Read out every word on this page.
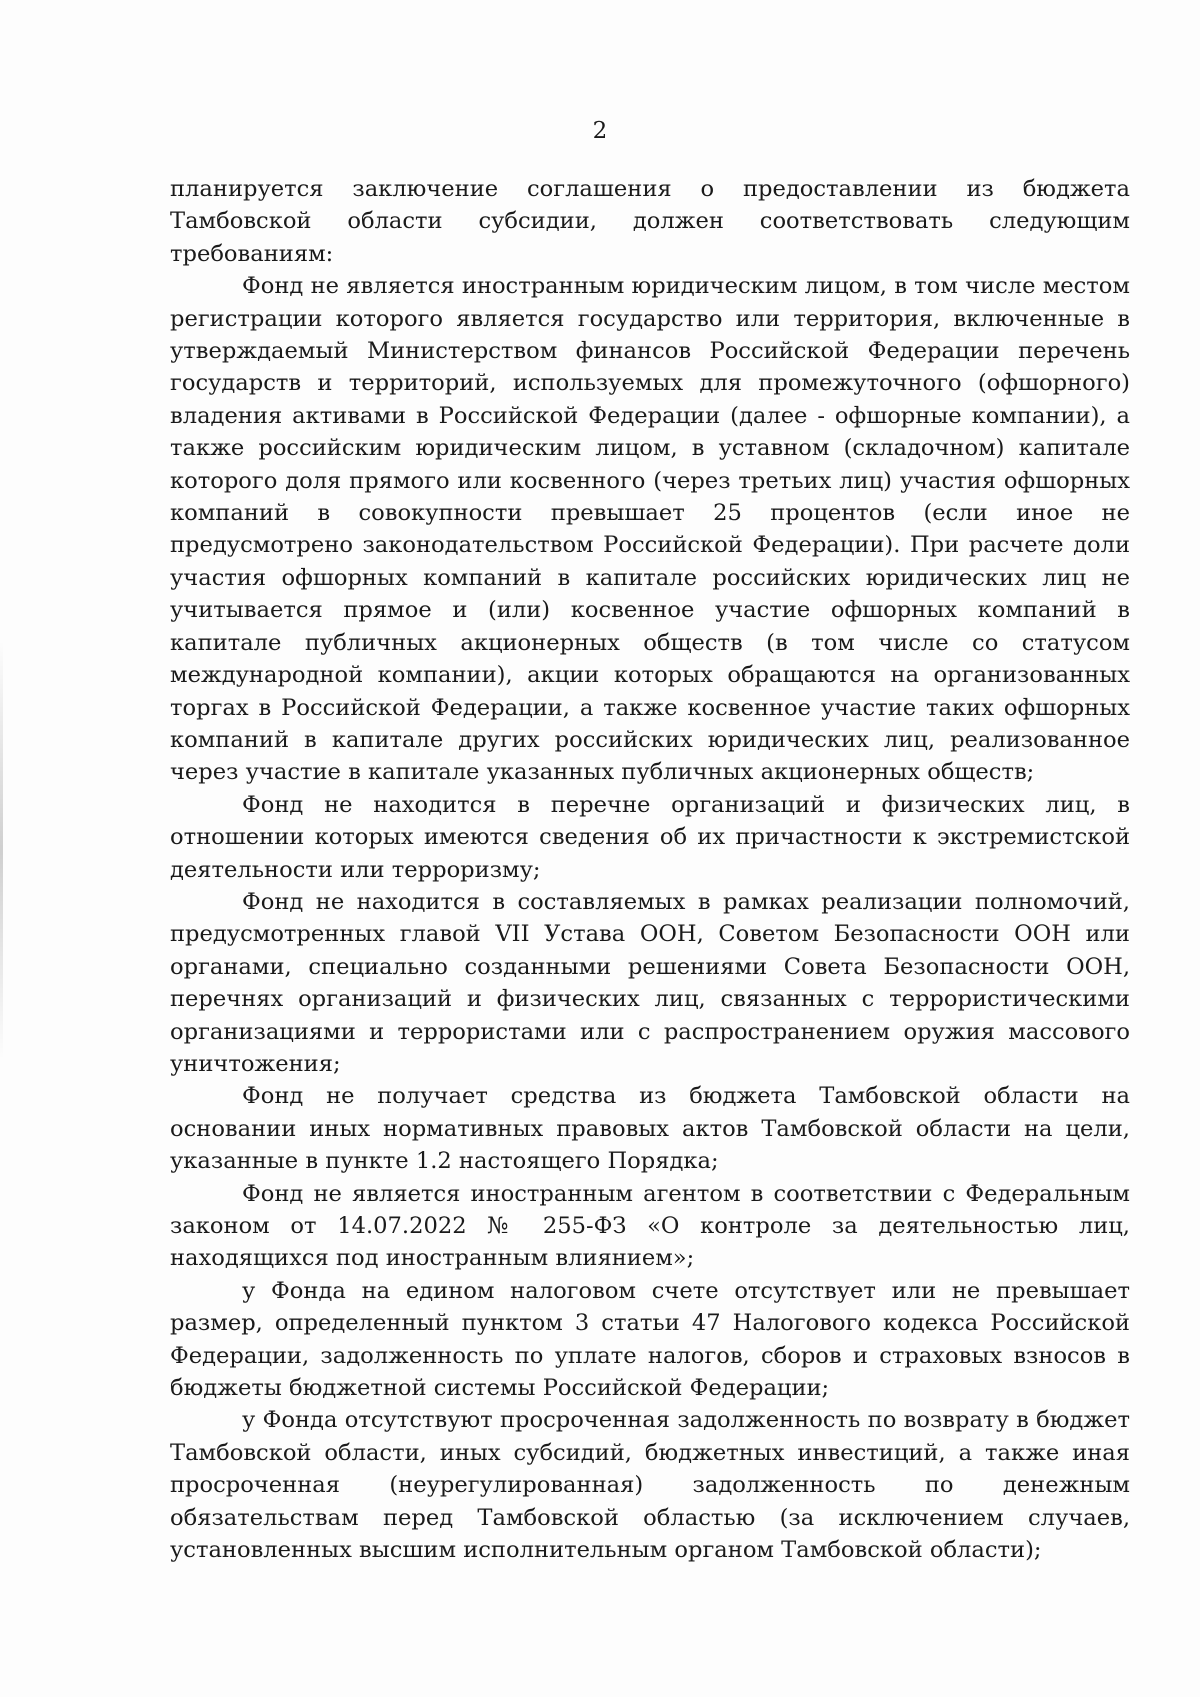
2

планируется заключение соглашения о предоставлении из бюджета Тамбовской области субсидии, должен соответствовать следующим требованиям:

Фонд не является иностранным юридическим лицом, в том числе местом регистрации которого является государство или территория, включенные в утверждаемый Министерством финансов Российской Федерации перечень государств и территорий, используемых для промежуточного (офшорного) владения активами в Российской Федерации (далее - офшорные компании), а также российским юридическим лицом, в уставном (складочном) капитале которого доля прямого или косвенного (через третьих лиц) участия офшорных компаний в совокупности превышает 25 процентов (если иное не предусмотрено законодательством Российской Федерации). При расчете доли участия офшорных компаний в капитале российских юридических лиц не учитывается прямое и (или) косвенное участие офшорных компаний в капитале публичных акционерных обществ (в том числе со статусом международной компании), акции которых обращаются на организованных торгах в Российской Федерации, а также косвенное участие таких офшорных компаний в капитале других российских юридических лиц, реализованное через участие в капитале указанных публичных акционерных обществ;

Фонд не находится в перечне организаций и физических лиц, в отношении которых имеются сведения об их причастности к экстремистской деятельности или терроризму;

Фонд не находится в составляемых в рамках реализации полномочий, предусмотренных главой VII Устава ООН, Советом Безопасности ООН или органами, специально созданными решениями Совета Безопасности ООН, перечнях организаций и физических лиц, связанных с террористическими организациями и террористами или с распространением оружия массового уничтожения;

Фонд не получает средства из бюджета Тамбовской области на основании иных нормативных правовых актов Тамбовской области на цели, указанные в пункте 1.2 настоящего Порядка;

Фонд не является иностранным агентом в соответствии с Федеральным законом от 14.07.2022 № 255-ФЗ «О контроле за деятельностью лиц, находящихся под иностранным влиянием»;

у Фонда на едином налоговом счете отсутствует или не превышает размер, определенный пунктом 3 статьи 47 Налогового кодекса Российской Федерации, задолженность по уплате налогов, сборов и страховых взносов в бюджеты бюджетной системы Российской Федерации;

у Фонда отсутствуют просроченная задолженность по возврату в бюджет Тамбовской области, иных субсидий, бюджетных инвестиций, а также иная просроченная (неурегулированная) задолженность по денежным обязательствам перед Тамбовской областью (за исключением случаев, установленных высшим исполнительным органом Тамбовской области);
